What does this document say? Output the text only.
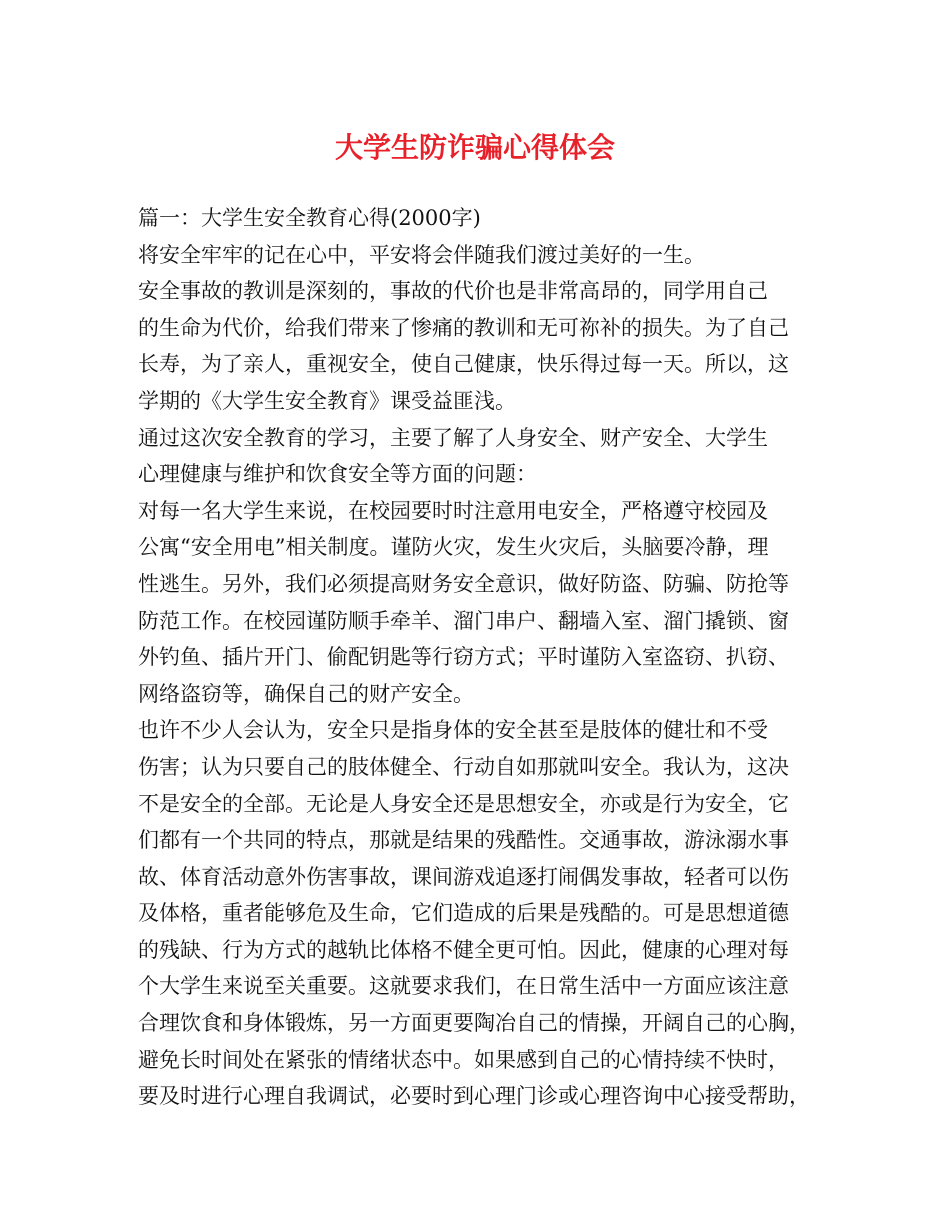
大学生防诈骗心得体会
篇一：大学生安全教育心得(2000字)
将安全牢牢的记在心中，平安将会伴随我们渡过美好的一生。
安全事故的教训是深刻的，事故的代价也是非常高昂的，同学用自己
的生命为代价，给我们带来了惨痛的教训和无可祢补的损失。为了自己
长寿，为了亲人，重视安全，使自己健康，快乐得过每一天。所以，这
学期的《大学生安全教育》课受益匪浅。
通过这次安全教育的学习，主要了解了人身安全、财产安全、大学生
心理健康与维护和饮食安全等方面的问题：
对每一名大学生来说，在校园要时时注意用电安全，严格遵守校园及
公寓“安全用电”相关制度。谨防火灾，发生火灾后，头脑要冷静，理
性逃生。另外，我们必须提高财务安全意识，做好防盗、防骗、防抢等
防范工作。在校园谨防顺手牵羊、溜门串户、翻墙入室、溜门撬锁、窗
外钓鱼、插片开门、偷配钥匙等行窃方式；平时谨防入室盗窃、扒窃、
网络盗窃等，确保自己的财产安全。
也许不少人会认为，安全只是指身体的安全甚至是肢体的健壮和不受
伤害；认为只要自己的肢体健全、行动自如那就叫安全。我认为，这决
不是安全的全部。无论是人身安全还是思想安全，亦或是行为安全，它
们都有一个共同的特点，那就是结果的残酷性。交通事故，游泳溺水事
故、体育活动意外伤害事故，课间游戏追逐打闹偶发事故，轻者可以伤
及体格，重者能够危及生命，它们造成的后果是残酷的。可是思想道德
的残缺、行为方式的越轨比体格不健全更可怕。因此，健康的心理对每
个大学生来说至关重要。这就要求我们，在日常生活中一方面应该注意
合理饮食和身体锻炼，另一方面更要陶冶自己的情操，开阔自己的心胸，
避免长时间处在紧张的情绪状态中。如果感到自己的心情持续不快时，
要及时进行心理自我调试，必要时到心理门诊或心理咨询中心接受帮助，
